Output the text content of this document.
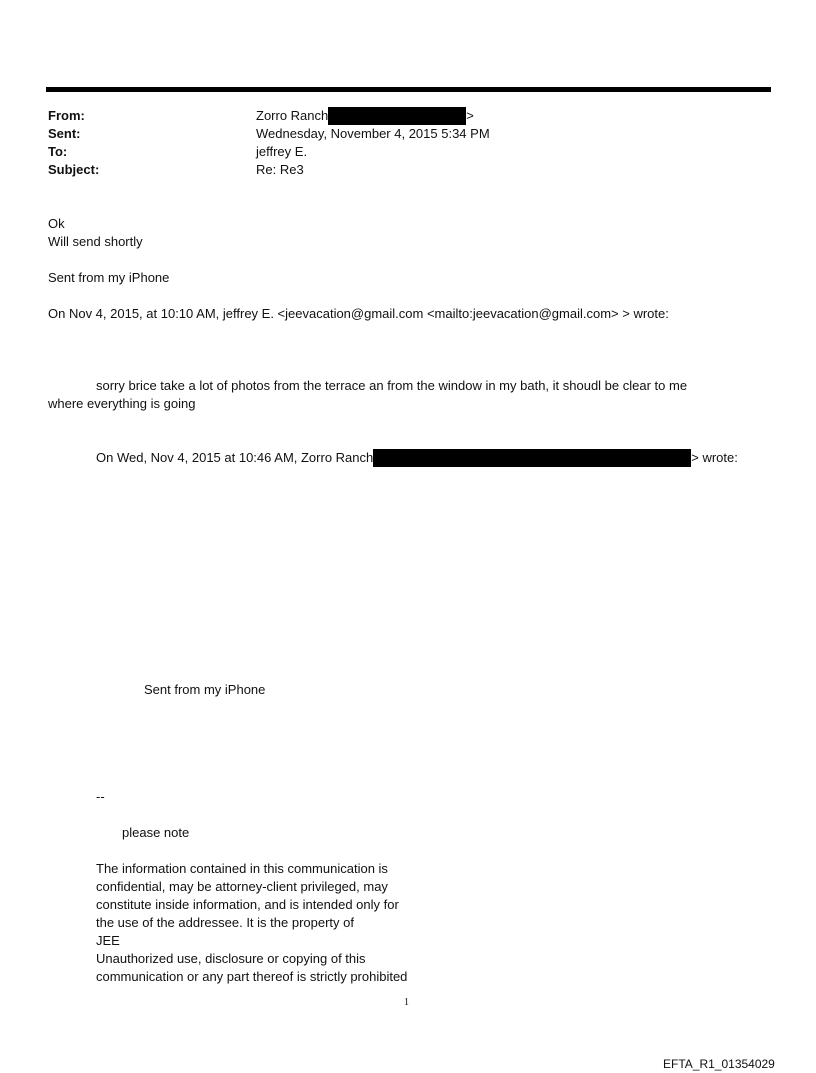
From:	Zorro Ranch	>
Sent:	Wednesday, November 4, 2015 5:34 PM
To:	jeffrey E.
Subject:	Re: Re3
Ok
Will send shortly
Sent from my iPhone
On Nov 4, 2015, at 10:10 AM, jeffrey E. <jeevacation@gmail.com <mailto:jeevacation@gmail.com> > wrote:
sorry brice take a lot of photos from the terrace an from the window in my bath, it shoudl be clear to me
where everything is going
On Wed, Nov 4, 2015 at 10:46 AM, Zorro Ranch	> wrote:
Sent from my iPhone
--
please note
The information contained in this communication is
confidential, may be attorney-client privileged, may
constitute inside information, and is intended only for
the use of the addressee. It is the property of
JEE
Unauthorized use, disclosure or copying of this
communication or any part thereof is strictly prohibited
1
EFTA_R1_01354029
